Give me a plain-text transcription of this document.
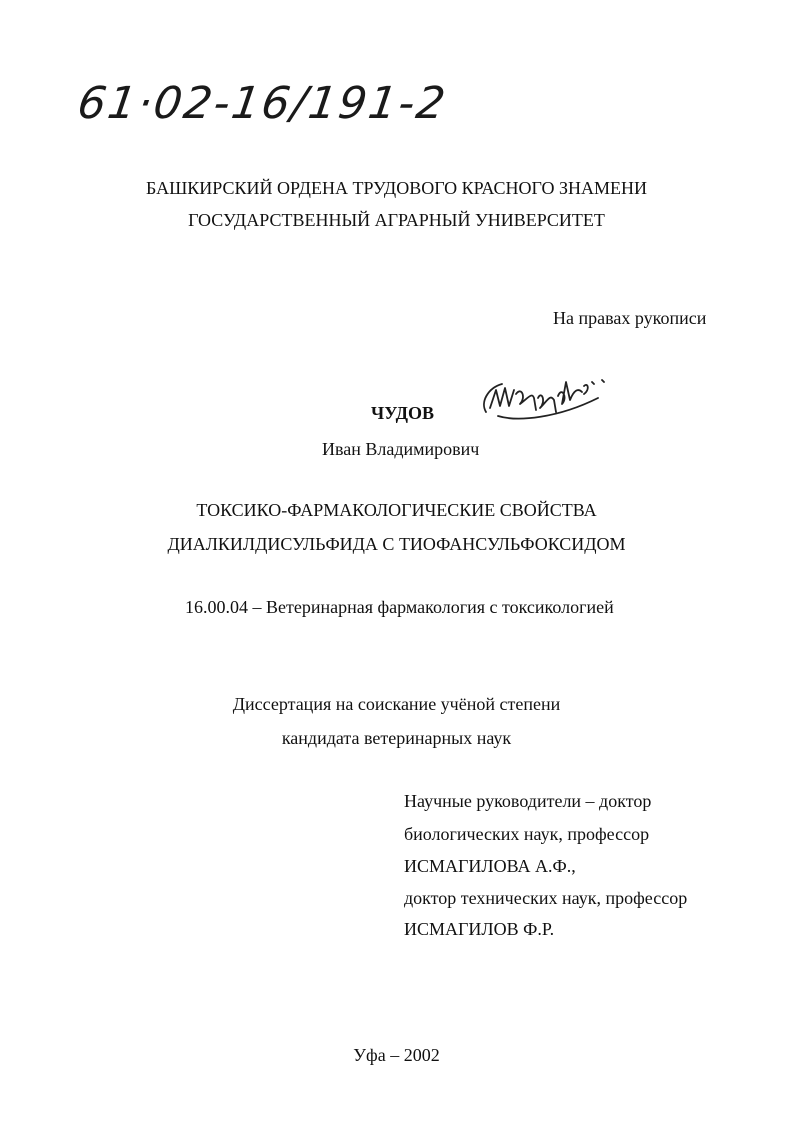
61·02-16/191-2
БАШКИРСКИЙ ОРДЕНА ТРУДОВОГО КРАСНОГО ЗНАМЕНИ
ГОСУДАРСТВЕННЫЙ АГРАРНЫЙ УНИВЕРСИТЕТ
На правах рукописи
ЧУДОВ
Иван Владимирович
ТОКСИКО-ФАРМАКОЛОГИЧЕСКИЕ СВОЙСТВА
ДИАЛКИЛДИСУЛЬФИДА С ТИОФАНСУЛЬФОКСИДОМ
16.00.04 – Ветеринарная фармакология с токсикологией
Диссертация на соискание учёной степени
кандидата ветеринарных наук
Научные руководители – доктор
биологических наук, профессор
ИСМАГИЛОВА А.Ф.,
доктор технических наук, профессор
ИСМАГИЛОВ Ф.Р.
Уфа – 2002
